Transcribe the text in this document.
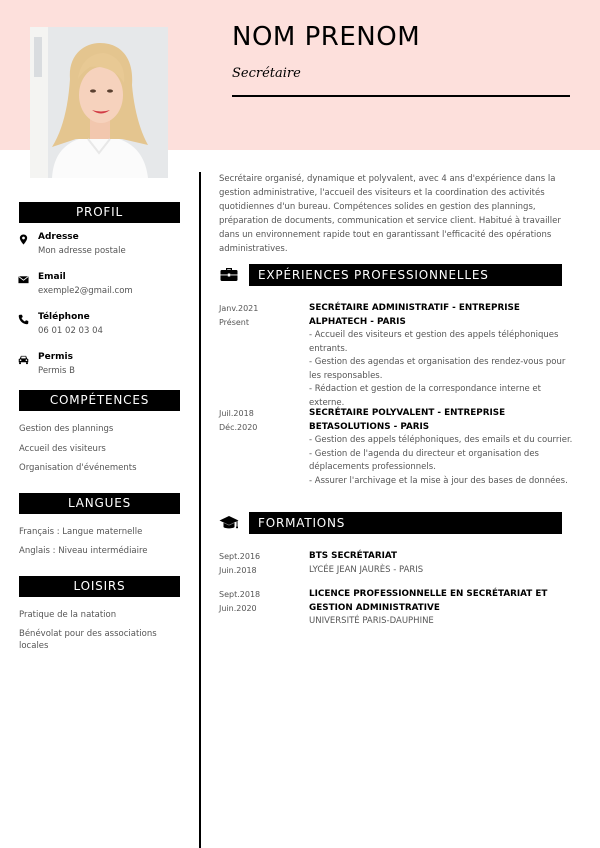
NOM PRENOM
Secrétaire
PROFIL
Adresse
Mon adresse postale
Email
exemple2@gmail.com
Téléphone
06 01 02 03 04
Permis
Permis B
COMPÉTENCES
Gestion des plannings
Accueil des visiteurs
Organisation d'événements
LANGUES
Français : Langue maternelle
Anglais : Niveau intermédiaire
LOISIRS
Pratique de la natation
Bénévolat pour des associations locales
Secrétaire organisé, dynamique et polyvalent, avec 4 ans d'expérience dans la gestion administrative, l'accueil des visiteurs et la coordination des activités quotidiennes d'un bureau. Compétences solides en gestion des plannings, préparation de documents, communication et service client. Habitué à travailler dans un environnement rapide tout en garantissant l'efficacité des opérations administratives.
EXPÉRIENCES PROFESSIONNELLES
Janv.2021
Présent
SECRÉTAIRE ADMINISTRATIF - ENTREPRISE ALPHATECH - PARIS
- Accueil des visiteurs et gestion des appels téléphoniques entrants.
- Gestion des agendas et organisation des rendez-vous pour les responsables.
- Rédaction et gestion de la correspondance interne et externe.
Juil.2018
Déc.2020
SECRÉTAIRE POLYVALENT - ENTREPRISE BETASOLUTIONS - PARIS
- Gestion des appels téléphoniques, des emails et du courrier.
- Gestion de l'agenda du directeur et organisation des déplacements professionnels.
- Assurer l'archivage et la mise à jour des bases de données.
FORMATIONS
Sept.2016
Juin.2018
BTS SECRÉTARIAT
LYCÉE JEAN JAURÈS - PARIS
Sept.2018
Juin.2020
LICENCE PROFESSIONNELLE EN SECRÉTARIAT ET GESTION ADMINISTRATIVE
UNIVERSITÉ PARIS-DAUPHINE
